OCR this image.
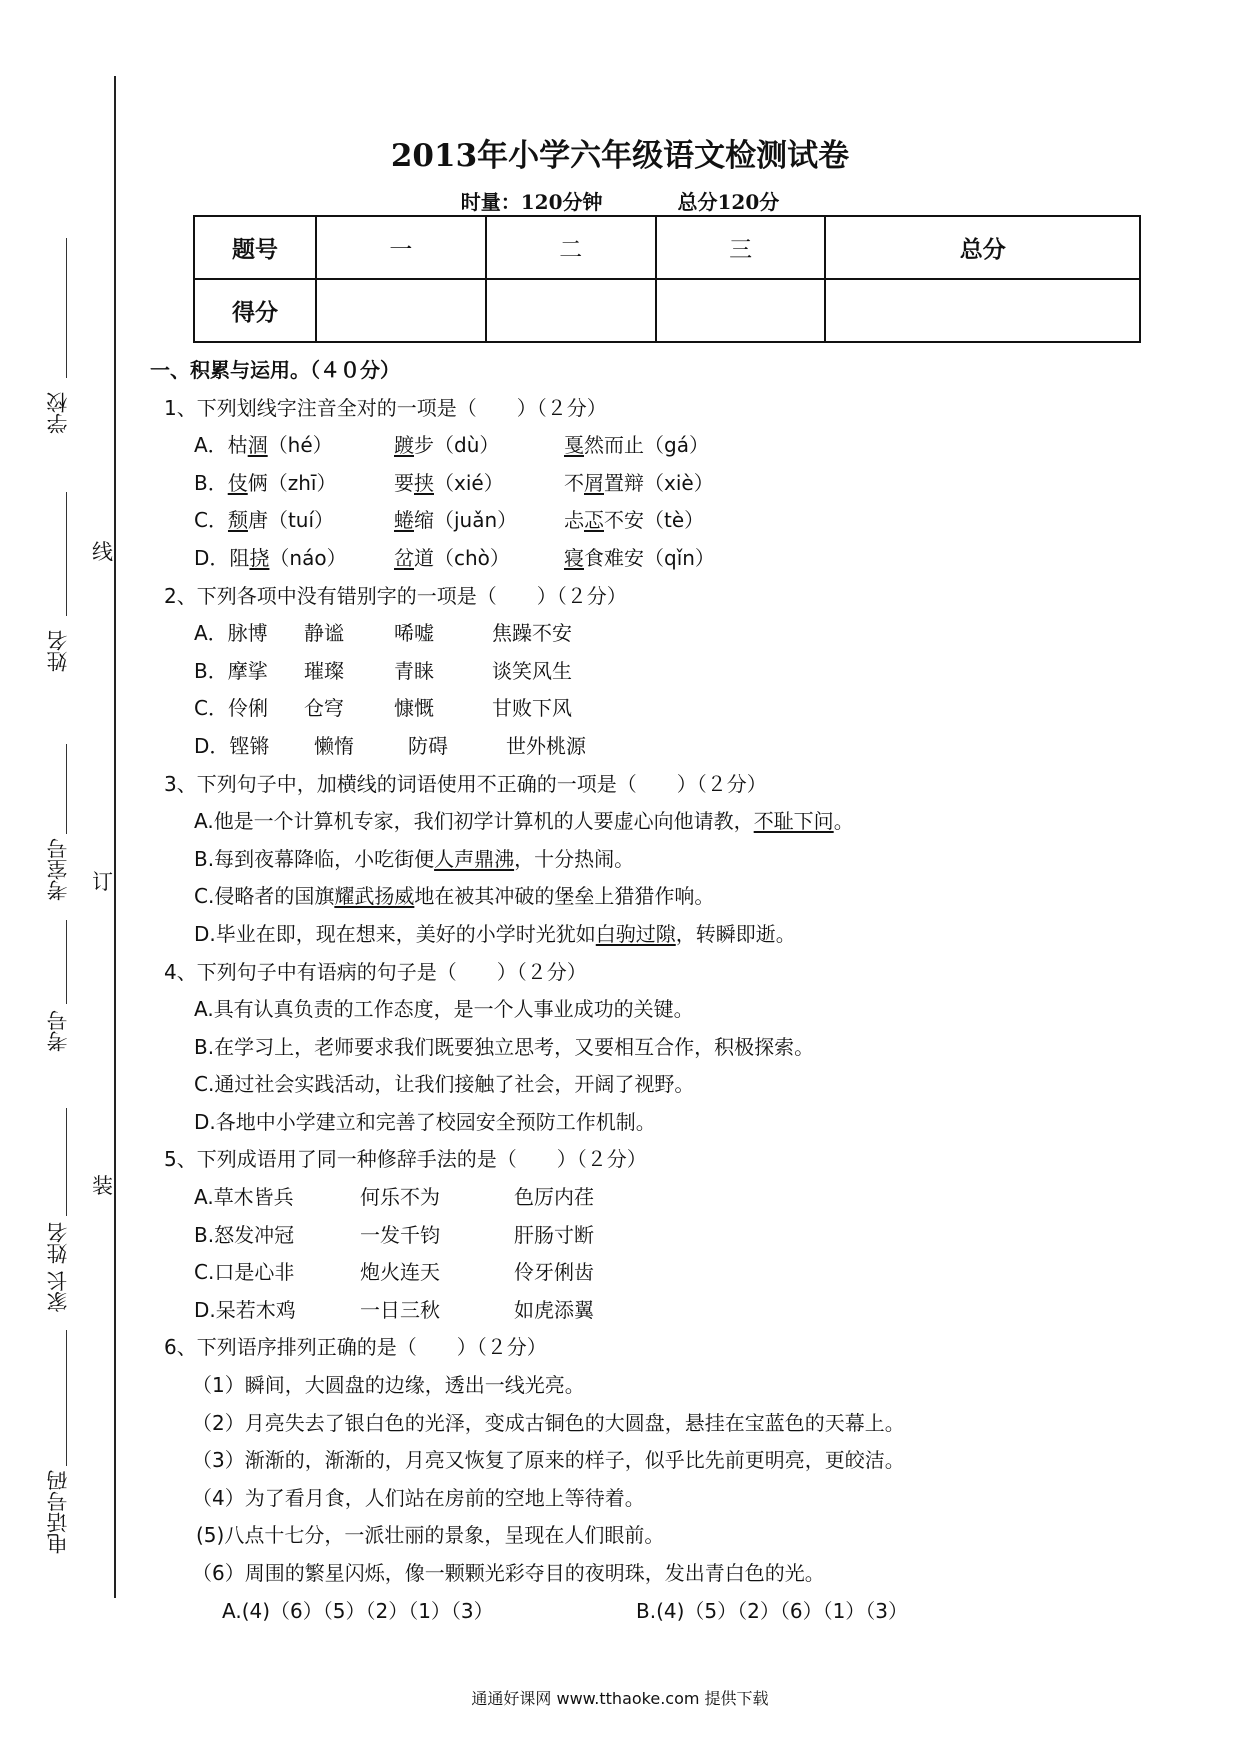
学校
姓名
考室号
考号
家长 姓名
电话号码
线
订
装
2013年小学六年级语文检测试卷
时量：120分钟	总分120分
题号	一	二	三	总分
得分				
一、积累与运用。（４０分）
1、下列划线字注音全对的一项是（　　）（２分）
A．枯涸（hé）	踱步（dù）	戛然而止（gá）
B．伎俩（zhī）	要挟（xié）	不屑置辩（xiè）
C．颓唐（tuí）	蜷缩（juǎn） 忐忑不安（tè）
D．阻挠（náo） 岔道（chò）	寝食难安（qǐn）
2、下列各项中没有错别字的一项是（　　）（２分）
A．脉博 静谧	唏嘘	焦躁不安
B．摩挲 璀璨	青睐	谈笑风生
C．伶俐 仓穹	慷慨	甘败下风
D．铿锵 懒惰	防碍	世外桃源
3、下列句子中，加横线的词语使用不正确的一项是（　　）（２分）
A.他是一个计算机专家，我们初学计算机的人要虚心向他请教，不耻下问。
B.每到夜幕降临，小吃街便人声鼎沸，十分热闹。
C.侵略者的国旗耀武扬威地在被其冲破的堡垒上猎猎作响。
D.毕业在即，现在想来，美好的小学时光犹如白驹过隙，转瞬即逝。
4、下列句子中有语病的句子是（　　）（２分）
A.具有认真负责的工作态度，是一个人事业成功的关键。
B.在学习上，老师要求我们既要独立思考，又要相互合作，积极探索。
C.通过社会实践活动，让我们接触了社会，开阔了视野。
D.各地中小学建立和完善了校园安全预防工作机制。
5、下列成语用了同一种修辞手法的是（　　）（２分）
A.草木皆兵	何乐不为	色厉内荏
B.怒发冲冠	一发千钧	肝肠寸断
C.口是心非	炮火连天	伶牙俐齿
D.呆若木鸡	一日三秋	如虎添翼
6、下列语序排列正确的是（　　）（２分）
（1）瞬间，大圆盘的边缘，透出一线光亮。
（2）月亮失去了银白色的光泽，变成古铜色的大圆盘，悬挂在宝蓝色的天幕上。
（3）渐渐的，渐渐的，月亮又恢复了原来的样子，似乎比先前更明亮，更皎洁。
（4）为了看月食，人们站在房前的空地上等待着。
(5)八点十七分，一派壮丽的景象，呈现在人们眼前。
（6）周围的繁星闪烁，像一颗颗光彩夺目的夜明珠，发出青白色的光。
A.(4)（6）（5）（2）（1）（3）	B.(4)（5）（2）（6）（1）（3）
通通好课网 www.tthaoke.com 提供下载
